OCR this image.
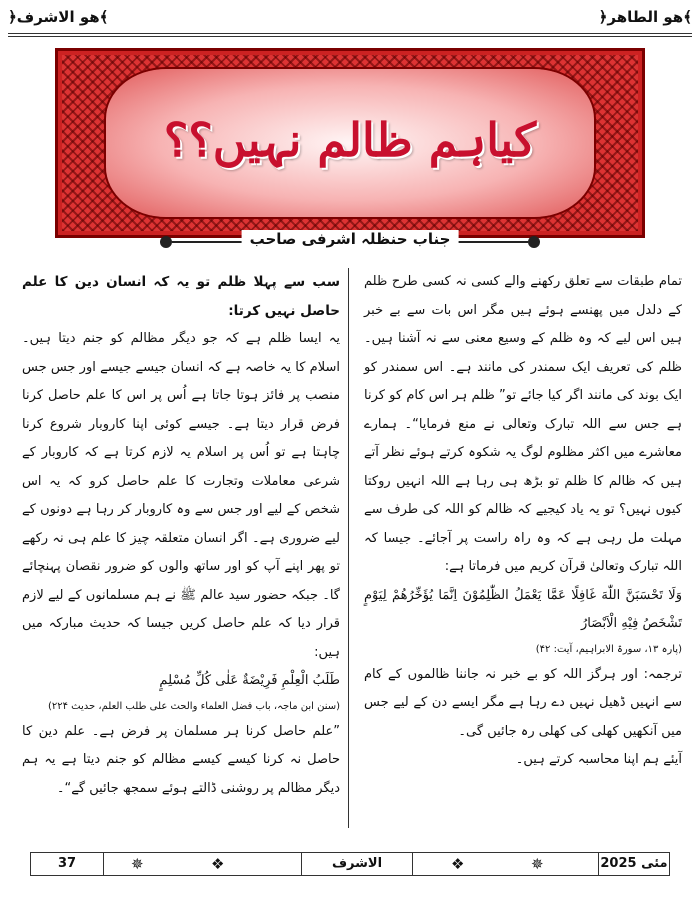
﴾هو الاشرف﴿	﴾هو الطاهر﴿
کیاہم ظالم نہیں؟؟
جناب حنظلہ اشرفی صاحب

تمام طبقات سے تعلق رکھنے والے کسی نہ کسی طرح ظلم کے دلدل میں پھنسے ہوئے ہیں مگر اس بات سے بے خبر ہیں اس لیے کہ وہ ظلم کے وسیع معنی سے نہ آشنا ہیں۔ ظلم کی تعریف ایک سمندر کی مانند ہے۔ اس سمندر کو ایک بوند کی مانند اگر کیا جائے تو” ظلم ہر اس کام کو کرنا ہے جس سے اللہ تبارک وتعالی نے منع فرمایا“۔ ہمارے معاشرے میں اکثر مظلوم لوگ یہ شکوہ کرتے ہوئے نظر آتے ہیں کہ ظالم کا ظلم تو بڑھ ہی رہا ہے اللہ انہیں روکتا کیوں نہیں؟ تو یہ یاد کیجیے کہ ظالم کو اللہ کی طرف سے مہلت مل رہی ہے کہ وہ راہ راست پر آجائے۔ جیسا کہ اللہ تبارک وتعالیٰ قرآن کریم میں فرماتا ہے:

وَلَا تَحْسَبَنَّ اللّٰهَ غَافِلًا عَمَّا يَعْمَلُ الظّٰلِمُوْنَ اِنَّمَا يُؤَخِّرُهُمْ لِيَوْمٍ تَشْخَصُ فِيْهِ الْاَبْصَارُ

(پارہ ۱۳، سورۃ الابراہیم، آیت: ۴۲)

ترجمہ: اور ہرگز اللہ کو بے خبر نہ جاننا ظالموں کے کام سے انہیں ڈھیل نہیں دے رہا ہے مگر ایسے دن کے لیے جس میں آنکھیں کھلی کی کھلی رہ جائیں گی۔

آیئے ہم اپنا محاسبہ کرتے ہیں۔

سب سے پہلا ظلم تو یہ کہ انسان دین کا علم حاصل نہیں کرتا:

یہ ایسا ظلم ہے کہ جو دیگر مظالم کو جنم دیتا ہیں۔ اسلام کا یہ خاصہ ہے کہ انسان جیسے جیسے اور جس جس منصب پر فائز ہوتا جاتا ہے اُس پر اس کا علم حاصل کرنا فرض قرار دیتا ہے۔ جیسے کوئی اپنا کاروبار شروع کرنا چاہتا ہے تو اُس پر اسلام یہ لازم کرتا ہے کہ کاروبار کے شرعی معاملات وتجارت کا علم حاصل کرو کہ یہ اس شخص کے لیے اور جس سے وہ کاروبار کر رہا ہے دونوں کے لیے ضروری ہے۔ اگر انسان متعلقہ چیز کا علم ہی نہ رکھے تو پھر اپنے آپ کو اور ساتھ والوں کو ضرور نقصان پہنچائے گا۔ جبکہ حضور سید عالم ﷺ نے ہم مسلمانوں کے لیے لازم قرار دیا کہ علم حاصل کریں جیسا کہ حدیث مبارکہ میں ہیں:

طَلَبُ الْعِلْمِ فَرِيْضَةٌ عَلٰى كُلِّ مُسْلِمٍ

(سنن ابن ماجہ، باب فضل العلماء والحث علی طلب العلم، حدیث ۲۲۴)

”علم حاصل کرنا ہر مسلمان پر فرض ہے۔ علم دین کا حاصل نہ کرنا کیسے کیسے مظالم کو جنم دیتا ہے یہ ہم دیگر مظالم پر روشنی ڈالتے ہوئے سمجھ جائیں گے“۔

37	✵	❖	الاشرف	❖	✵	مئی 2025
